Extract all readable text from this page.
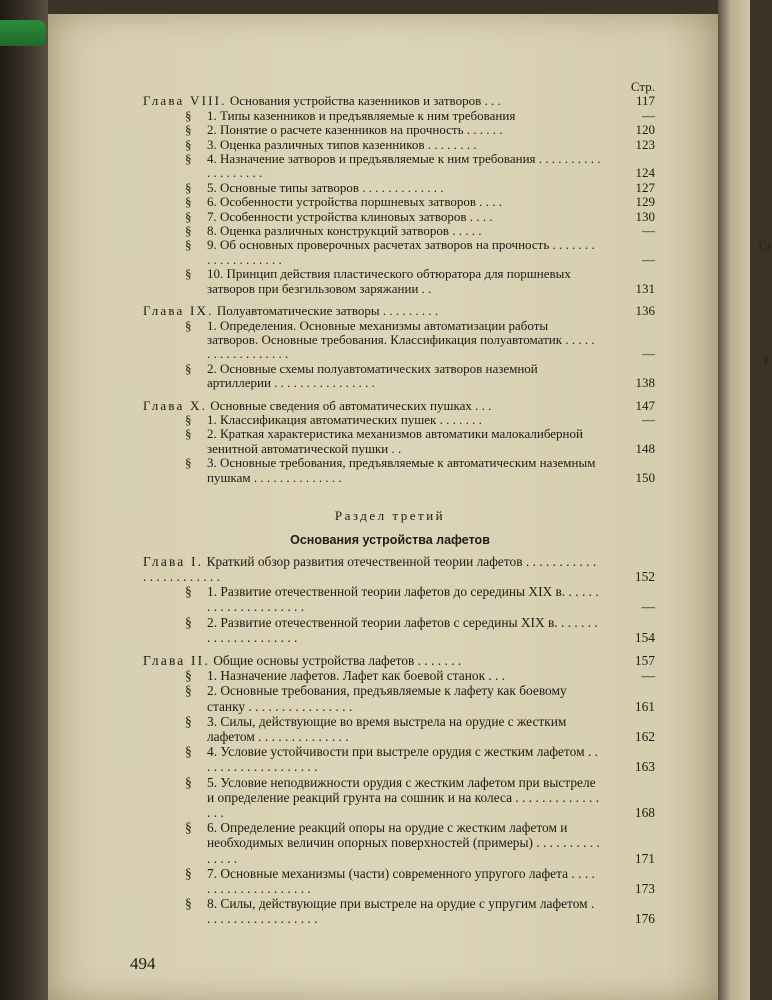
Гл
Г
Стр.
Глава VIII. Основания устройства казенников и затворов . . .	117
§ 1. Типы казенников и предъявляемые к ним требования	—
§ 2. Понятие о расчете казенников на прочность . . . . . .	120
§ 3. Оценка различных типов казенников . . . . . . . .	123
§ 4. Назначение затворов и предъявляемые к ним требования . . . . . . . . . . . . . . . . . . .	124
§ 5. Основные типы затворов . . . . . . . . . . . . .	127
§ 6. Особенности устройства поршневых затворов . . . .	129
§ 7. Особенности устройства клиновых затворов . . . .	130
§ 8. Оценка различных конструкций затворов . . . . .	—
§ 9. Об основных проверочных расчетах затворов на прочность . . . . . . . . . . . . . . . . . . .	—
§ 10. Принцип действия пластического обтюратора для поршневых затворов при безгильзовом заряжании . .	131
Глава IX. Полуавтоматические затворы . . . . . . . . .	136
§ 1. Определения. Основные механизмы автоматизации работы затворов. Основные требования. Классификация полуавтоматик . . . . . . . . . . . . . . . . . .	—
§ 2. Основные схемы полуавтоматических затворов наземной артиллерии . . . . . . . . . . . . . . . .	138
Глава X. Основные сведения об автоматических пушках . . .	147
§ 1. Классификация автоматических пушек . . . . . . .	—
§ 2. Краткая характеристика механизмов автоматики малокалиберной зенитной автоматической пушки . .	148
§ 3. Основные требования, предъявляемые к автоматическим наземным пушкам . . . . . . . . . . . . . .	150
Раздел третий
Основания устройства лафетов
Глава I. Краткий обзор развития отечественной теории лафетов . . . . . . . . . . . . . . . . . . . . . . .	152
§ 1. Развитие отечественной теории лафетов до середины XIX в. . . . . . . . . . . . . . . . . . . . .	—
§ 2. Развитие отечественной теории лафетов с середины XIX в. . . . . . . . . . . . . . . . . . . . .	154
Глава II. Общие основы устройства лафетов . . . . . . .	157
§ 1. Назначение лафетов. Лафет как боевой станок . . .	—
§ 2. Основные требования, предъявляемые к лафету как боевому станку . . . . . . . . . . . . . . . .	161
§ 3. Силы, действующие во время выстрела на орудие с жестким лафетом . . . . . . . . . . . . . .	162
§ 4. Условие устойчивости при выстреле орудия с жестким лафетом . . . . . . . . . . . . . . . . . . .	163
§ 5. Условие неподвижности орудия с жестким лафетом при выстреле и определение реакций грунта на сошник и на колеса . . . . . . . . . . . . . . . .	168
§ 6. Определение реакций опоры на орудие с жестким лафетом и необходимых величин опорных поверхностей (примеры) . . . . . . . . . . . . . . .	171
§ 7. Основные механизмы (части) современного упругого лафета . . . . . . . . . . . . . . . . . . . .	173
§ 8. Силы, действующие при выстреле на орудие с упругим лафетом . . . . . . . . . . . . . . . . . .	176
494
